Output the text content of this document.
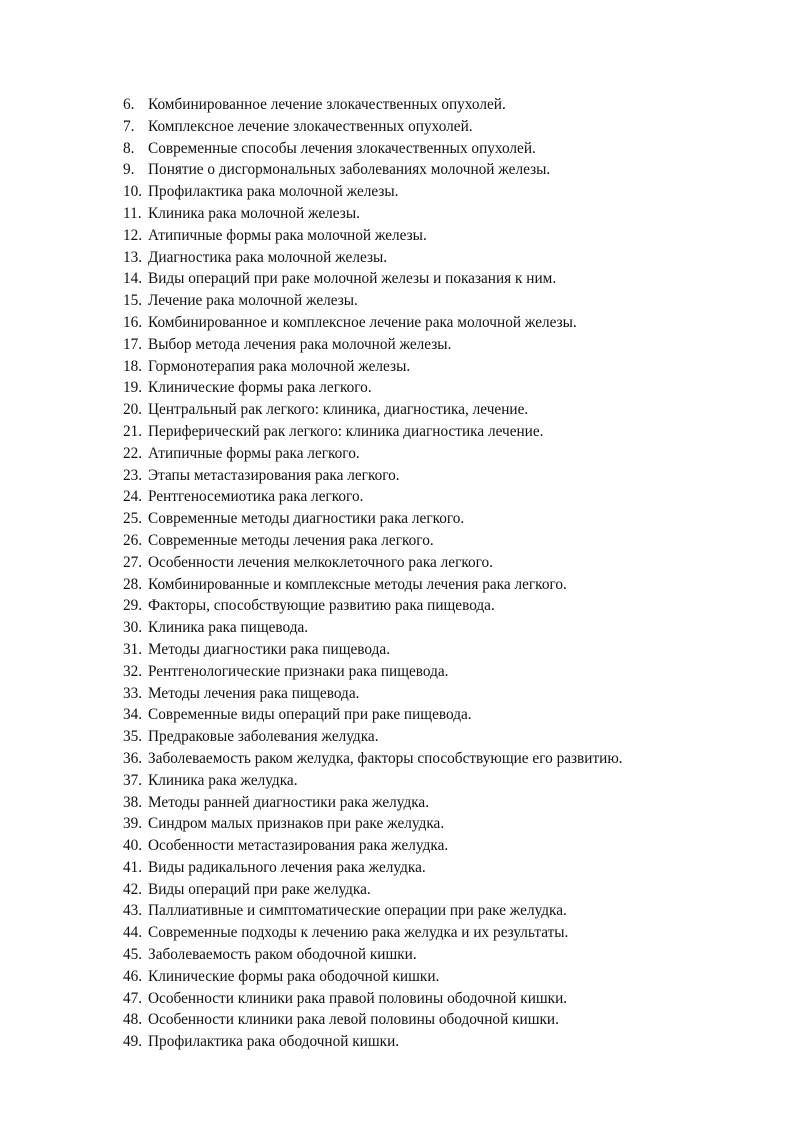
6. Комбинированное лечение злокачественных опухолей.
7. Комплексное лечение злокачественных опухолей.
8. Современные способы лечения злокачественных опухолей.
9. Понятие о дисгормональных заболеваниях молочной железы.
10. Профилактика рака молочной железы.
11. Клиника рака молочной железы.
12. Атипичные формы рака молочной железы.
13. Диагностика рака молочной железы.
14. Виды операций при раке молочной железы и показания к ним.
15. Лечение рака молочной железы.
16. Комбинированное и комплексное лечение рака молочной железы.
17. Выбор метода лечения рака молочной железы.
18. Гормонотерапия рака молочной железы.
19. Клинические формы рака легкого.
20. Центральный рак легкого: клиника, диагностика, лечение.
21. Периферический рак легкого: клиника диагностика лечение.
22. Атипичные формы рака легкого.
23. Этапы метастазирования рака легкого.
24. Рентгеносемиотика рака легкого.
25. Современные методы диагностики рака легкого.
26. Современные методы лечения рака легкого.
27. Особенности лечения мелкоклеточного рака легкого.
28. Комбинированные и комплексные методы лечения рака легкого.
29. Факторы, способствующие развитию рака пищевода.
30. Клиника рака пищевода.
31. Методы диагностики рака пищевода.
32. Рентгенологические признаки рака пищевода.
33. Методы лечения рака пищевода.
34. Современные виды операций при раке пищевода.
35. Предраковые заболевания желудка.
36. Заболеваемость раком желудка, факторы способствующие его развитию.
37. Клиника рака желудка.
38. Методы ранней диагностики рака желудка.
39. Синдром малых признаков при раке желудка.
40. Особенности метастазирования рака желудка.
41. Виды радикального лечения рака желудка.
42. Виды операций при раке желудка.
43. Паллиативные и симптоматические операции при раке желудка.
44. Современные подходы к лечению рака желудка и их результаты.
45. Заболеваемость раком ободочной кишки.
46. Клинические формы рака ободочной кишки.
47. Особенности клиники рака правой половины ободочной кишки.
48. Особенности клиники рака левой половины ободочной кишки.
49. Профилактика рака ободочной кишки.
